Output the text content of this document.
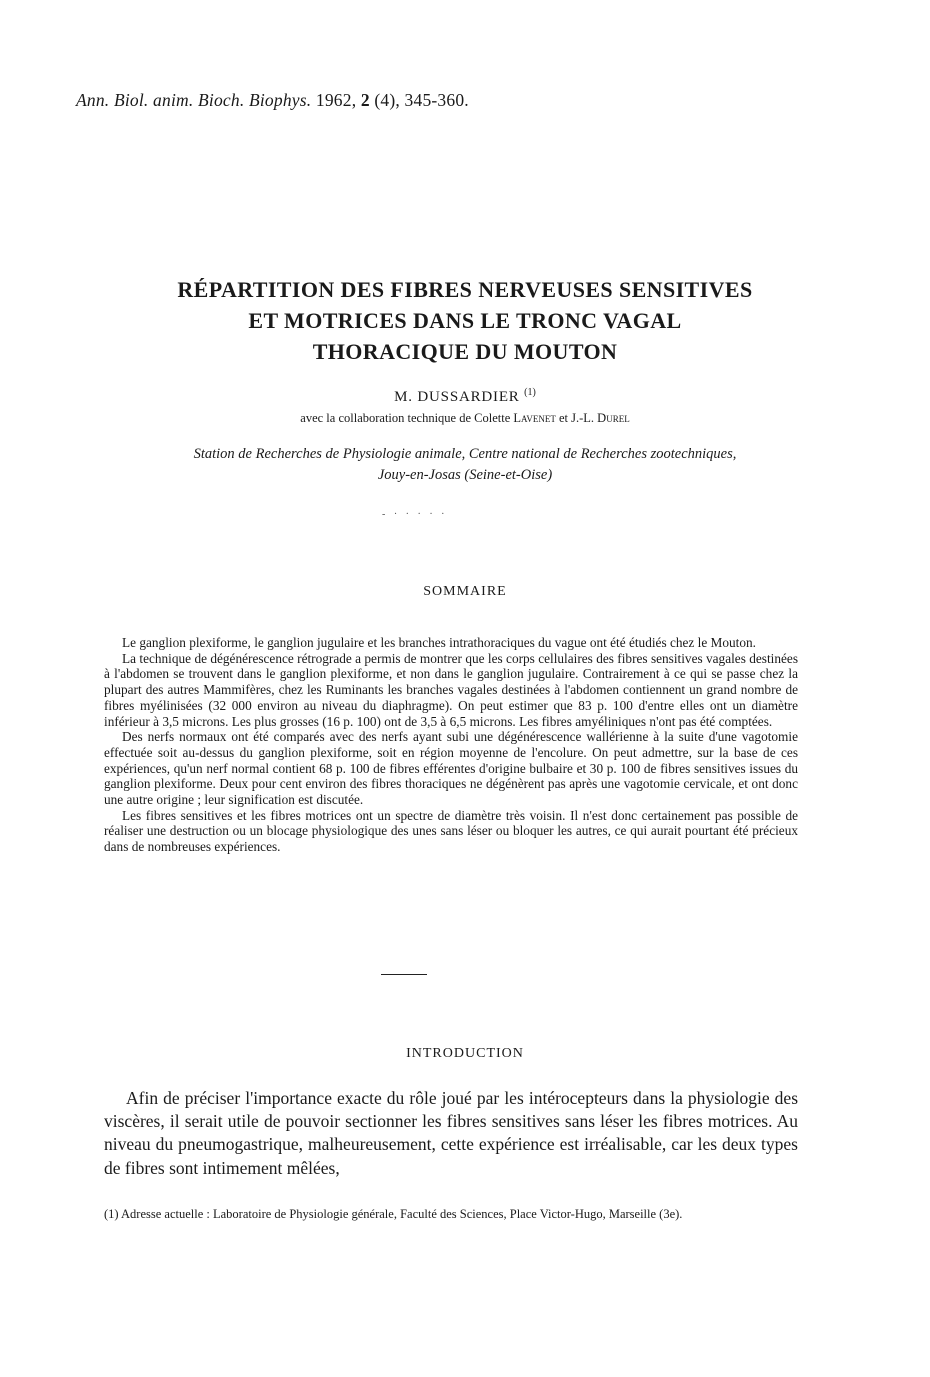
Ann. Biol. anim. Bioch. Biophys. 1962, 2 (4), 345-360.
RÉPARTITION DES FIBRES NERVEUSES SENSITIVES
ET MOTRICES DANS LE TRONC VAGAL
THORACIQUE DU MOUTON
M. DUSSARDIER $^{(1)}$
avec la collaboration technique de Colette Lavenet et J.-L. Durel
Station de Recherches de Physiologie animale, Centre national de Recherches zootechniques,
Jouy-en-Josas (Seine-et-Oise)
- · · · · ·
SOMMAIRE

Le ganglion plexiforme, le ganglion jugulaire et les branches intrathoraciques du vague ont été étudiés chez le Mouton.

La technique de dégénérescence rétrograde a permis de montrer que les corps cellulaires des fibres sensitives vagales destinées à l'abdomen se trouvent dans le ganglion plexiforme, et non dans le ganglion jugulaire. Contrairement à ce qui se passe chez la plupart des autres Mammifères, chez les Ruminants les branches vagales destinées à l'abdomen contiennent un grand nombre de fibres myélinisées (32 000 environ au niveau du diaphragme). On peut estimer que 83 p. 100 d'entre elles ont un diamètre inférieur à 3,5 microns. Les plus grosses (16 p. 100) ont de 3,5 à 6,5 microns. Les fibres amyéliniques n'ont pas été comptées.

Des nerfs normaux ont été comparés avec des nerfs ayant subi une dégénérescence wallérienne à la suite d'une vagotomie effectuée soit au-dessus du ganglion plexiforme, soit en région moyenne de l'encolure. On peut admettre, sur la base de ces expériences, qu'un nerf normal contient 68 p. 100 de fibres efférentes d'origine bulbaire et 30 p. 100 de fibres sensitives issues du ganglion plexiforme. Deux pour cent environ des fibres thoraciques ne dégénèrent pas après une vagotomie cervicale, et ont donc une autre origine ; leur signification est discutée.

Les fibres sensitives et les fibres motrices ont un spectre de diamètre très voisin. Il n'est donc certainement pas possible de réaliser une destruction ou un blocage physiologique des unes sans léser ou bloquer les autres, ce qui aurait pourtant été précieux dans de nombreuses expériences.

INTRODUCTION

Afin de préciser l'importance exacte du rôle joué par les intérocepteurs dans la physiologie des viscères, il serait utile de pouvoir sectionner les fibres sensitives sans léser les fibres motrices. Au niveau du pneumogastrique, malheureusement, cette expérience est irréalisable, car les deux types de fibres sont intimement mêlées,

(1) Adresse actuelle : Laboratoire de Physiologie générale, Faculté des Sciences, Place Victor-Hugo, Marseille (3e).
